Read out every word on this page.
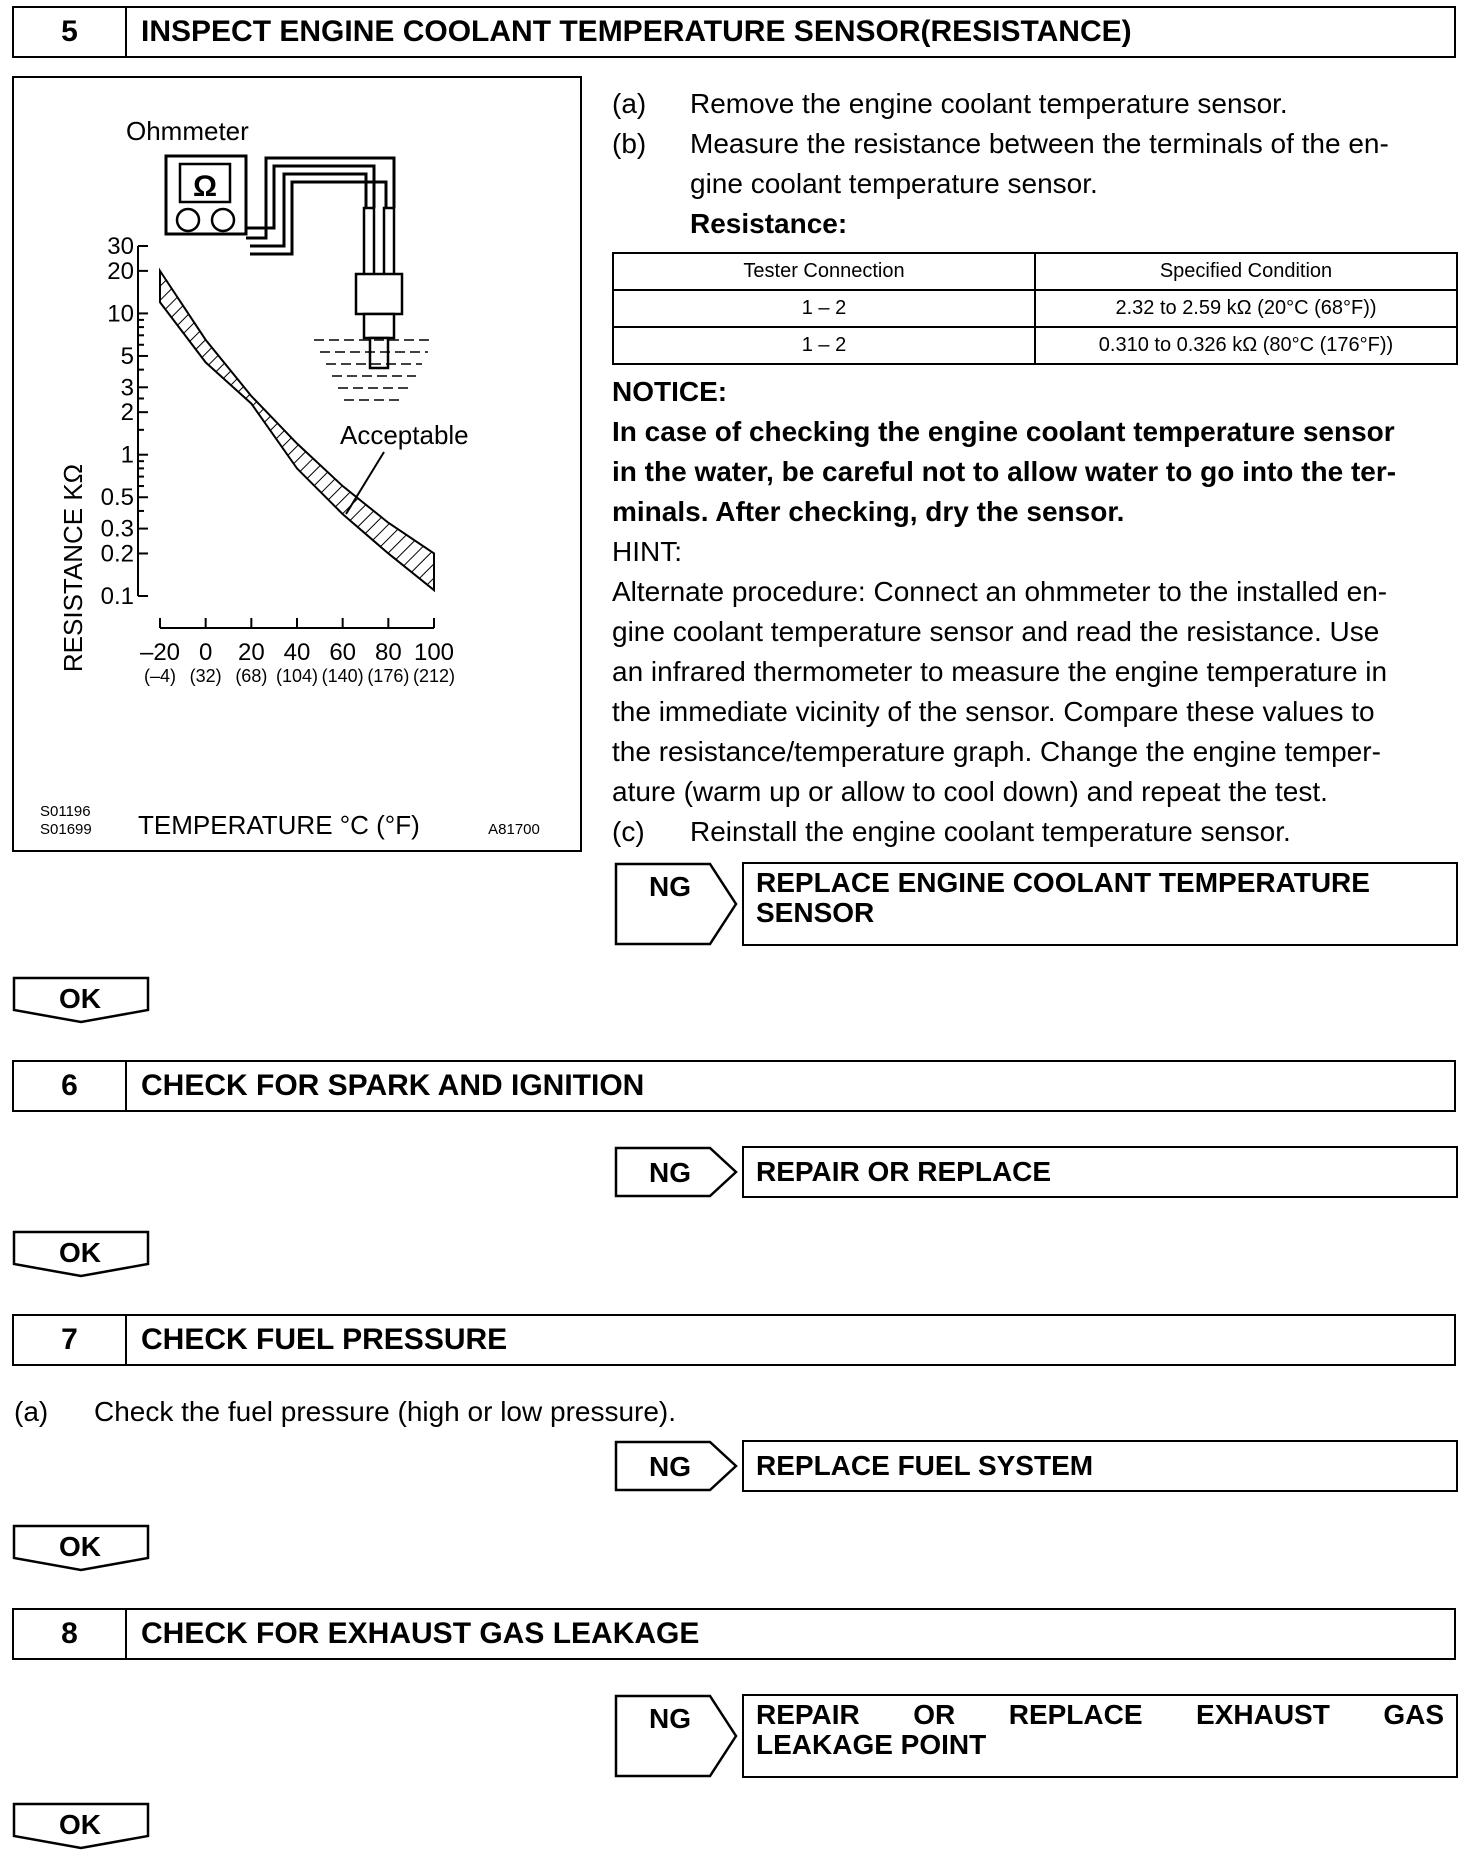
5	INSPECT ENGINE COOLANT TEMPERATURE SENSOR(RESISTANCE)
Ohmmeter
Ω
30
20
10
5
3
2
1
0.5
0.3
0.2
0.1
–20
(–4)
0
(32)
20
(68)
40
(104)
60
(140)
80
(176)
100
(212)
Acceptable
RESISTANCE KΩ
TEMPERATURE °C (°F)
S01196
S01699	A81700
(a) Remove the engine coolant temperature sensor.
(b) Measure the resistance between the terminals of the en-
gine coolant temperature sensor.
Resistance:
Tester Connection	Specified Condition
1 – 2	2.32 to 2.59 kΩ (20°C (68°F))
1 – 2	0.310 to 0.326 kΩ (80°C (176°F))
NOTICE:
In case of checking the engine coolant temperature sensor
in the water, be careful not to allow water to go into the ter-
minals. After checking, dry the sensor.
HINT:
Alternate procedure: Connect an ohmmeter to the installed en-
gine coolant temperature sensor and read the resistance. Use
an infrared thermometer to measure the engine temperature in
the immediate vicinity of the sensor. Compare these values to
the resistance/temperature graph. Change the engine temper-
ature (warm up or allow to cool down) and repeat the test.
(c) Reinstall the engine coolant temperature sensor.
NG REPLACE ENGINE COOLANT TEMPERATURE
SENSOR
OK
6	CHECK FOR SPARK AND IGNITION
NG	REPAIR OR REPLACE
OK
7	CHECK FUEL PRESSURE
(a) Check the fuel pressure (high or low pressure).
NG	REPLACE FUEL SYSTEM
OK
8	CHECK FOR EXHAUST GAS LEAKAGE
NG REPAIR OR REPLACE EXHAUST GAS
LEAKAGE POINT
OK
